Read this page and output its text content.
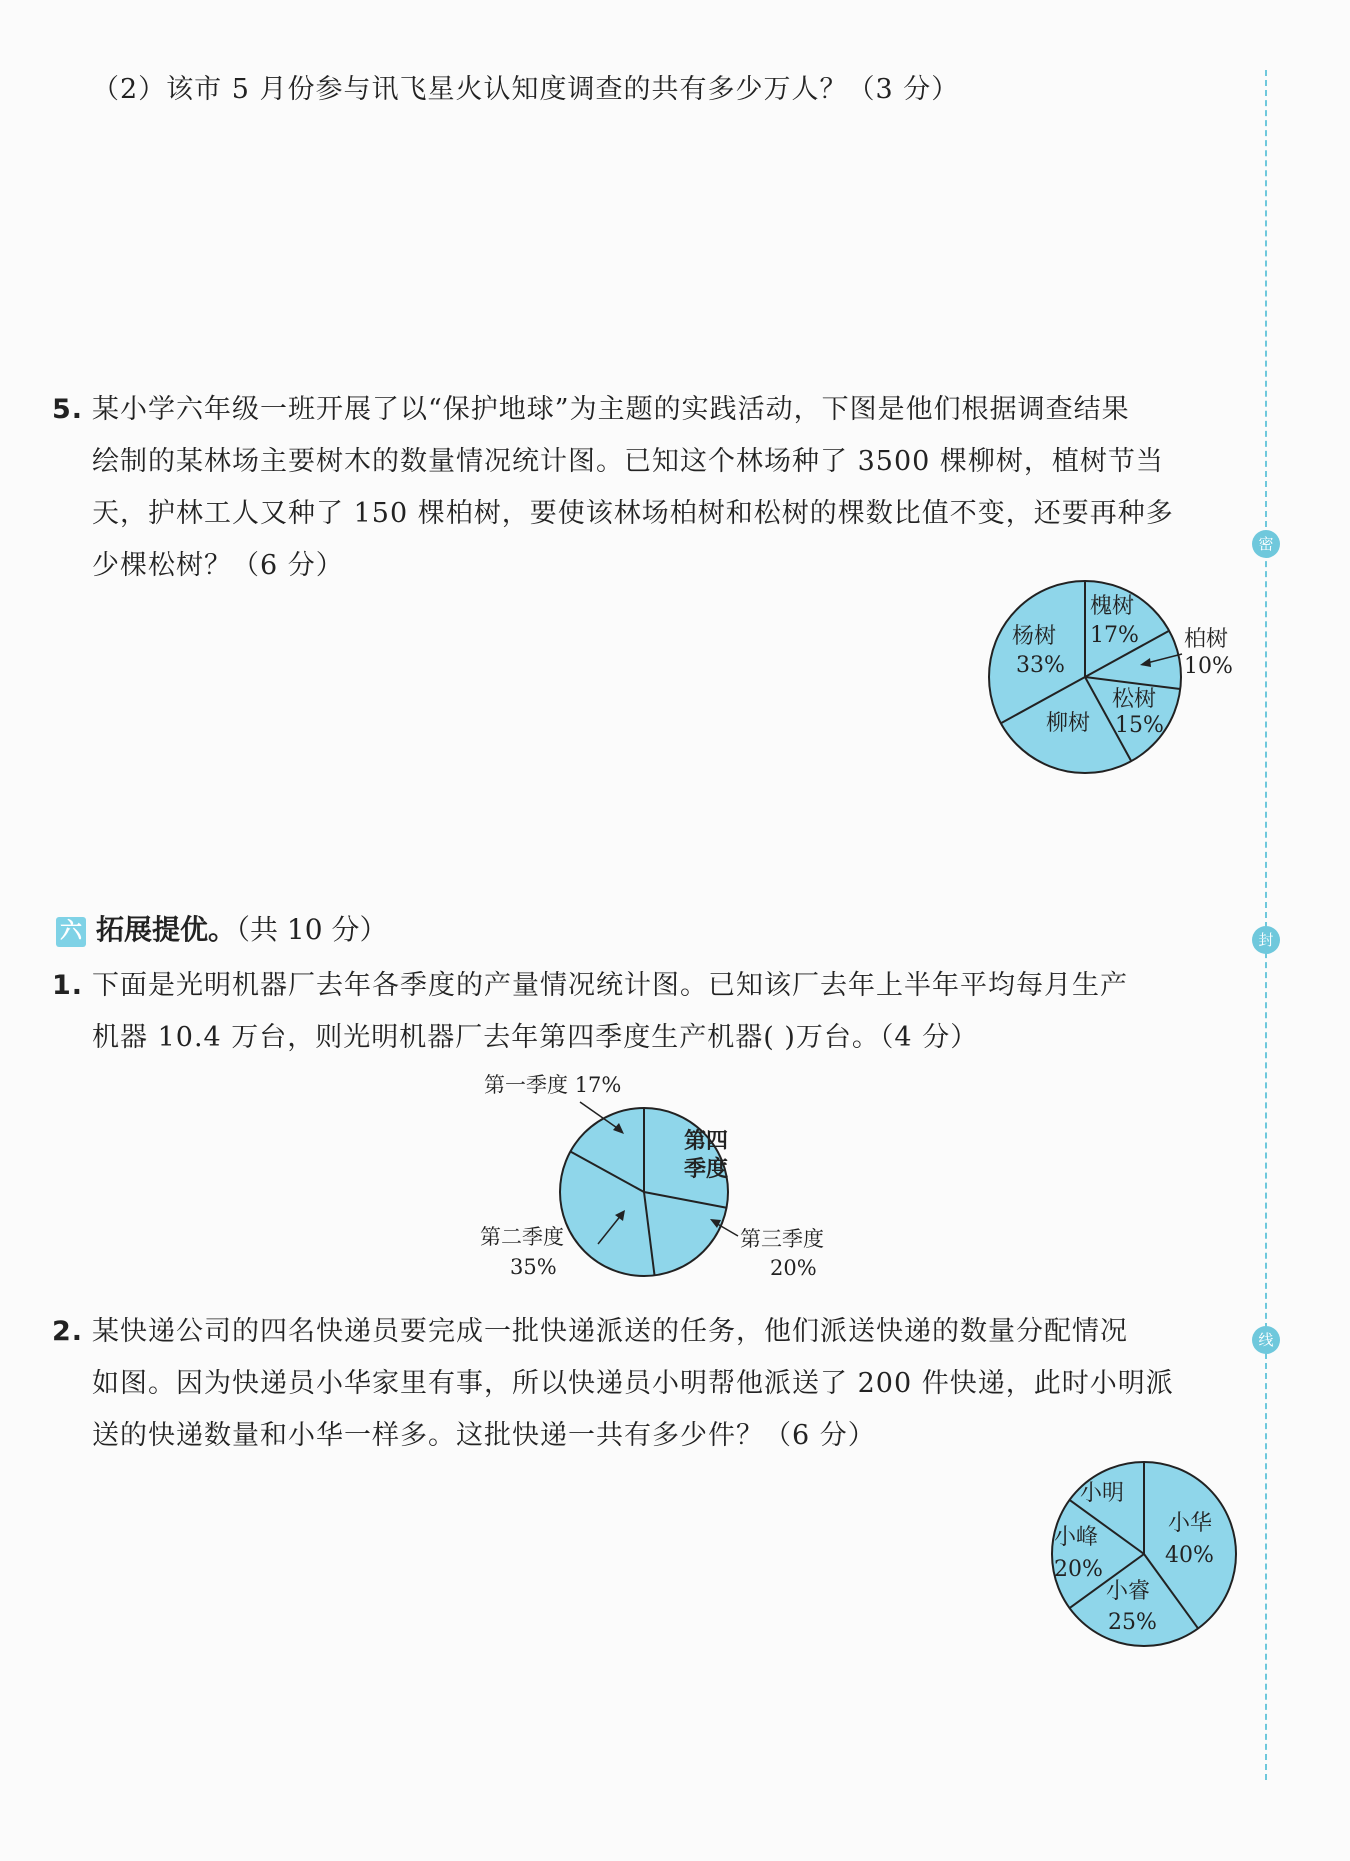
密
封
线
（2）该市 5 月份参与讯飞星火认知度调查的共有多少万人？（3 分）
5. 某小学六年级一班开展了以“保护地球”为主题的实践活动，下图是他们根据调查结果
绘制的某林场主要树木的数量情况统计图。已知这个林场种了 3500 棵柳树，植树节当
天，护林工人又种了 150 棵柏树，要使该林场柏树和松树的棵数比值不变，还要再种多
少棵松树？（6 分）
槐树
17%
杨树
33%
松树
15%
柳树
柏树
10%
六 拓展提优。（共 10 分）
1. 下面是光明机器厂去年各季度的产量情况统计图。已知该厂去年上半年平均每月生产
机器 10.4 万台，则光明机器厂去年第四季度生产机器( )万台。（4 分）
第一季度 17%
第四
季度
第二季度
35%
第三季度
20%
2. 某快递公司的四名快递员要完成一批快递派送的任务，他们派送快递的数量分配情况
如图。因为快递员小华家里有事，所以快递员小明帮他派送了 200 件快递，此时小明派
送的快递数量和小华一样多。这批快递一共有多少件？（6 分）
小华
40%
小明
小峰
20%
小睿
25%
